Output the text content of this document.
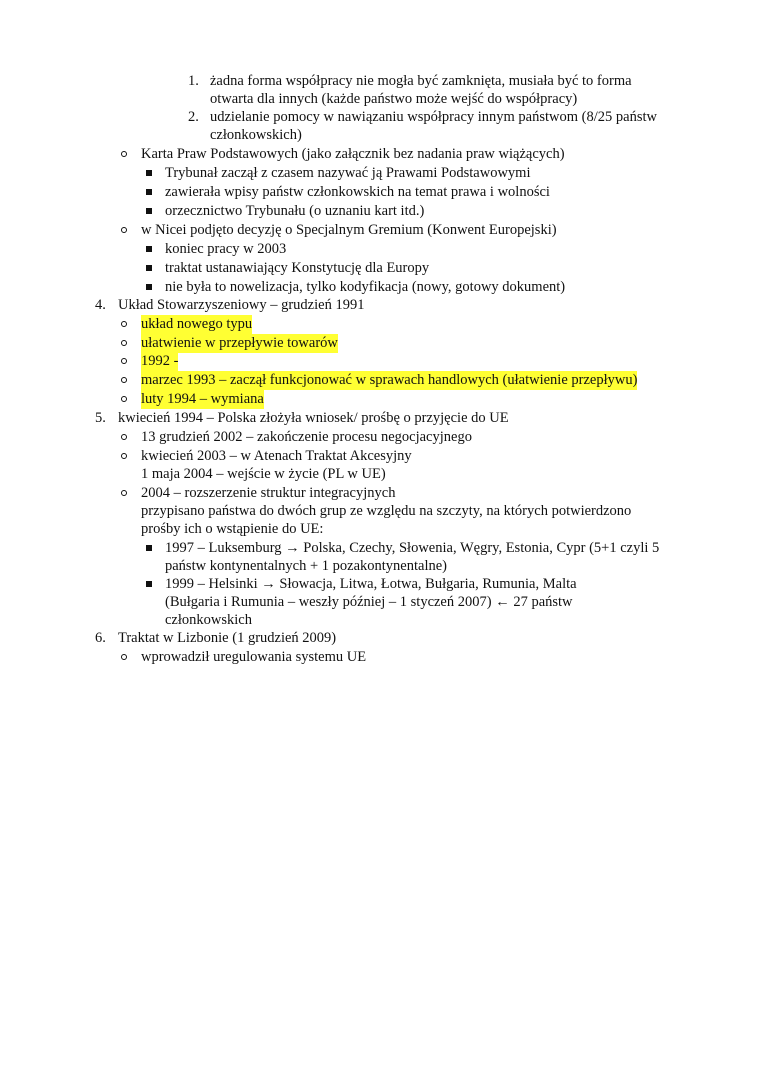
1. żadna forma współpracy nie mogła być zamknięta, musiała być to forma
otwarta dla innych (każde państwo może wejść do współpracy)
2. udzielanie pomocy w nawiązaniu współpracy innym państwom (8/25 państw
członkowskich)
Karta Praw Podstawowych (jako załącznik bez nadania praw wiążących)
Trybunał zaczął z czasem nazywać ją Prawami Podstawowymi
zawierała wpisy państw członkowskich na temat prawa i wolności
orzecznictwo Trybunału (o uznaniu kart itd.)
w Nicei podjęto decyzję o Specjalnym Gremium (Konwent Europejski)
koniec pracy w 2003
traktat ustanawiający Konstytucję dla Europy
nie była to nowelizacja, tylko kodyfikacja (nowy, gotowy dokument)
4. Układ Stowarzyszeniowy – grudzień 1991
układ nowego typu
ułatwienie w przepływie towarów
1992 -
marzec 1993 – zaczął funkcjonować w sprawach handlowych (ułatwienie przepływu)
luty 1994 – wymiana
5. kwiecień 1994 – Polska złożyła wniosek/ prośbę o przyjęcie do UE
13 grudzień 2002 – zakończenie procesu negocjacyjnego
kwiecień 2003 – w Atenach Traktat Akcesyjny
1 maja 2004 – wejście w życie (PL w UE)
2004 – rozszerzenie struktur integracyjnych
przypisano państwa do dwóch grup ze względu na szczyty, na których potwierdzono
prośby ich o wstąpienie do UE:
1997 – Luksemburg → Polska, Czechy, Słowenia, Węgry, Estonia, Cypr (5+1 czyli 5
państw kontynentalnych + 1 pozakontynentalne)
1999 – Helsinki → Słowacja, Litwa, Łotwa, Bułgaria, Rumunia, Malta
(Bułgaria i Rumunia – weszły później – 1 styczeń 2007) ← 27 państw
członkowskich
6. Traktat w Lizbonie (1 grudzień 2009)
wprowadził uregulowania systemu UE
